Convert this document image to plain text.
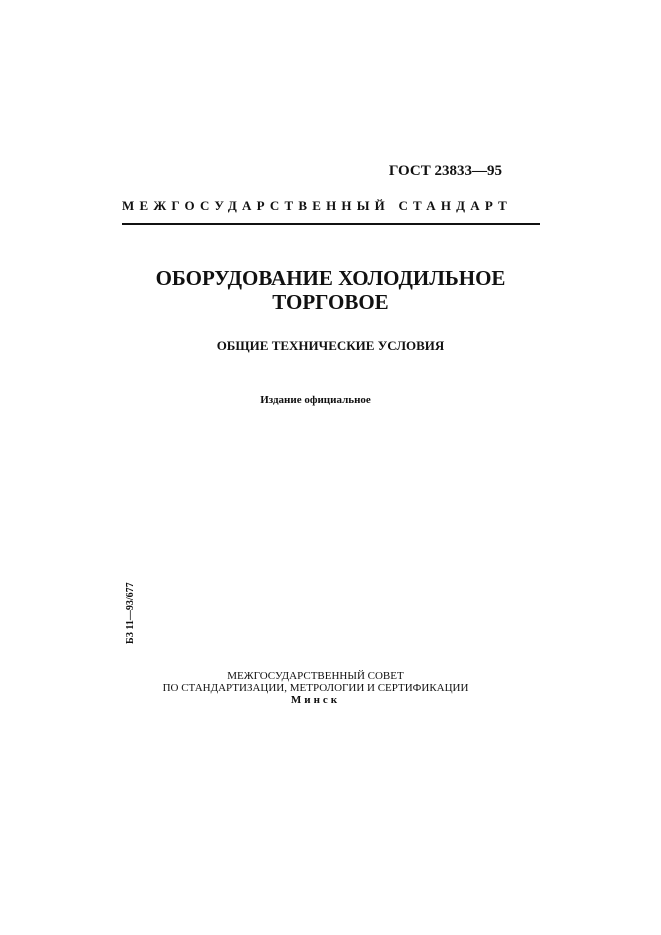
ГОСТ 23833—95
МЕЖГОСУДАРСТВЕННЫЙ СТАНДАРТ
ОБОРУДОВАНИЕ ХОЛОДИЛЬНОЕ
ТОРГОВОЕ
ОБЩИЕ ТЕХНИЧЕСКИЕ УСЛОВИЯ
Издание официальное
БЗ 11—93/677
МЕЖГОСУДАРСТВЕННЫЙ СОВЕТ
ПО СТАНДАРТИЗАЦИИ, МЕТРОЛОГИИ И СЕРТИФИКАЦИИ
Минск
